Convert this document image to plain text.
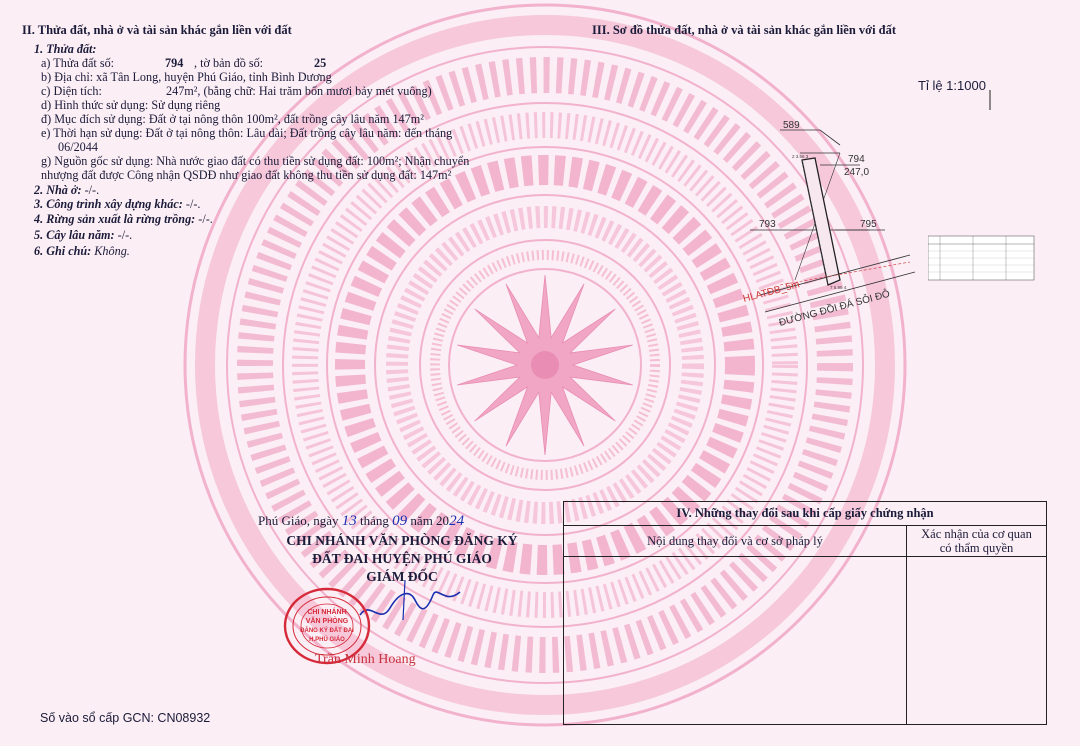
II. Thửa đất, nhà ở và tài sản khác gắn liền với đất
1. Thửa đất:
a) Thửa đất số:	794 , tờ bản đồ số:	25
b) Địa chỉ: xã Tân Long, huyện Phú Giáo, tỉnh Bình Dương
c) Diện tích:	247m², (bằng chữ: Hai trăm bốn mươi bảy mét vuông)
d) Hình thức sử dụng: Sử dụng riêng
đ) Mục đích sử dụng: Đất ở tại nông thôn 100m², đất trồng cây lâu năm 147m²
e) Thời hạn sử dụng: Đất ở tại nông thôn: Lâu dài; Đất trồng cây lâu năm: đến tháng
06/2044
g) Nguồn gốc sử dụng: Nhà nước giao đất có thu tiền sử dụng đất: 100m²; Nhận chuyển
nhượng đất được Công nhận QSDĐ như giao đất không thu tiền sử dụng đất: 147m²
2. Nhà ở: -/-.
3. Công trình xây dựng khác: -/-.
4. Rừng sản xuất là rừng trồng: -/-.
5. Cây lâu năm: -/-.
6. Ghi chú: Không.
III. Sơ đồ thửa đất, nhà ở và tài sản khác gắn liền với đất
Tỉ lệ 1:1000
589
794
247,0
793	795
ĐƯỜNG ĐỒI ĐÁ SỎI ĐỎ
HLATĐB_5m
2 3.56 3
7 5.95 4
Phú Giáo, ngày 13 tháng 09 năm 2024
CHI NHÁNH VĂN PHÒNG ĐĂNG KÝ
ĐẤT ĐAI HUYỆN PHÚ GIÁO
GIÁM ĐỐC
CHI NHÁNH
VĂN PHÒNG
ĐĂNG KÝ ĐẤT ĐAI
H.PHÚ GIÁO
Trần Minh Hoang
Số vào sổ cấp GCN: CN08932
IV. Những thay đổi sau khi cấp giấy chứng nhận	
Nội dung thay đổi và cơ sở pháp lý	Xác nhận của cơ quan
có thẩm quyền
